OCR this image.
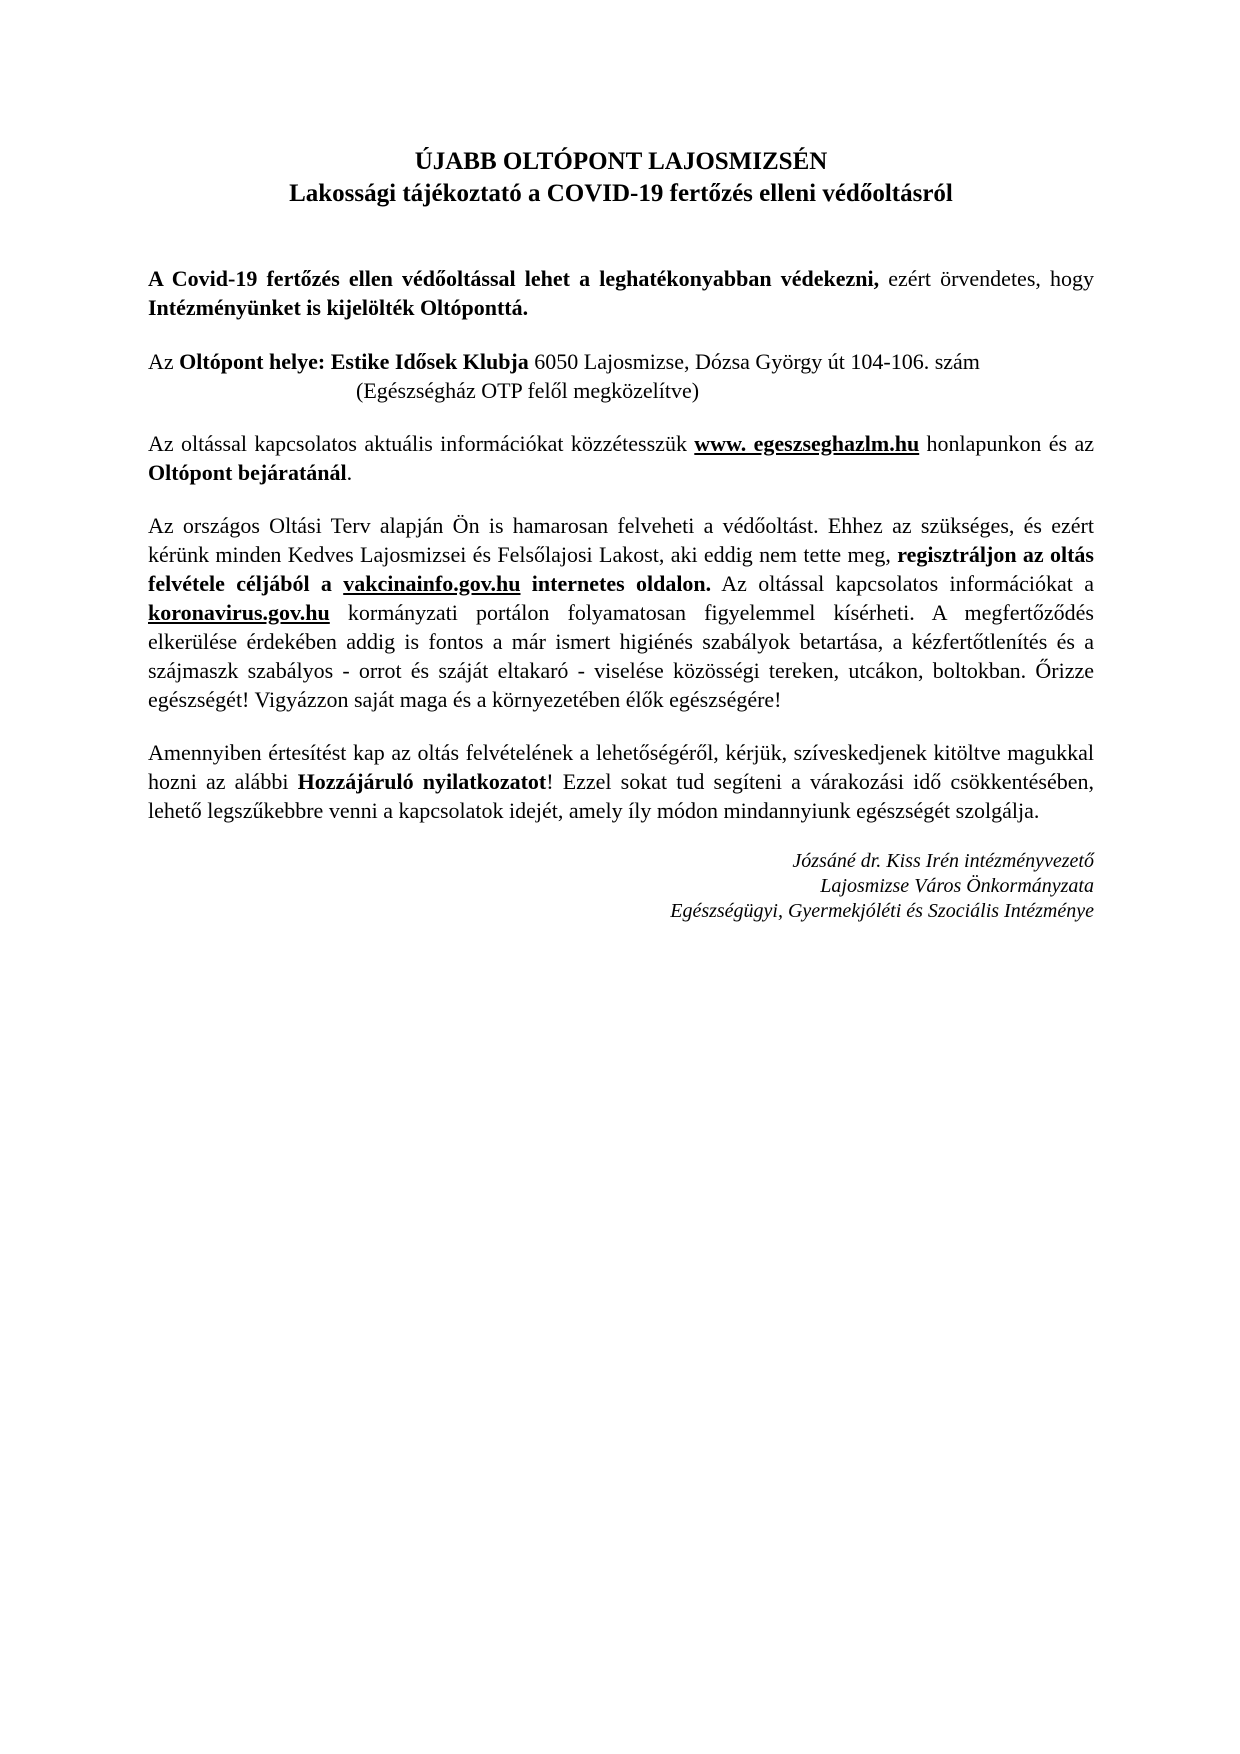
ÚJABB OLTÓPONT LAJOSMIZSÉN
Lakossági tájékoztató a COVID-19 fertőzés elleni védőoltásról

A Covid-19 fertőzés ellen védőoltással lehet a leghatékonyabban védekezni, ezért örvendetes, hogy Intézményünket is kijelölték Oltóponttá.

Az Oltópont helye: Estike Idősek Klubja 6050 Lajosmizse, Dózsa György út 104-106. szám
(Egészségház OTP felől megközelítve)

Az oltással kapcsolatos aktuális információkat közzétesszük www. egeszseghazlm.hu honlapunkon és az Oltópont bejáratánál.

Az országos Oltási Terv alapján Ön is hamarosan felveheti a védőoltást. Ehhez az szükséges, és ezért kérünk minden Kedves Lajosmizsei és Felsőlajosi Lakost, aki eddig nem tette meg, regisztráljon az oltás felvétele céljából a vakcinainfo.gov.hu internetes oldalon. Az oltással kapcsolatos információkat a koronavirus.gov.hu kormányzati portálon folyamatosan figyelemmel kísérheti. A megfertőződés elkerülése érdekében addig is fontos a már ismert higiénés szabályok betartása, a kézfertőtlenítés és a szájmaszk szabályos - orrot és száját eltakaró - viselése közösségi tereken, utcákon, boltokban. Őrizze egészségét! Vigyázzon saját maga és a környezetében élők egészségére!

Amennyiben értesítést kap az oltás felvételének a lehetőségéről, kérjük, szíveskedjenek kitöltve magukkal hozni az alábbi Hozzájáruló nyilatkozatot! Ezzel sokat tud segíteni a várakozási idő csökkentésében, lehető legszűkebbre venni a kapcsolatok idejét, amely íly módon mindannyiunk egészségét szolgálja.

Józsáné dr. Kiss Irén intézményvezető
Lajosmizse Város Önkormányzata
Egészségügyi, Gyermekjóléti és Szociális Intézménye
